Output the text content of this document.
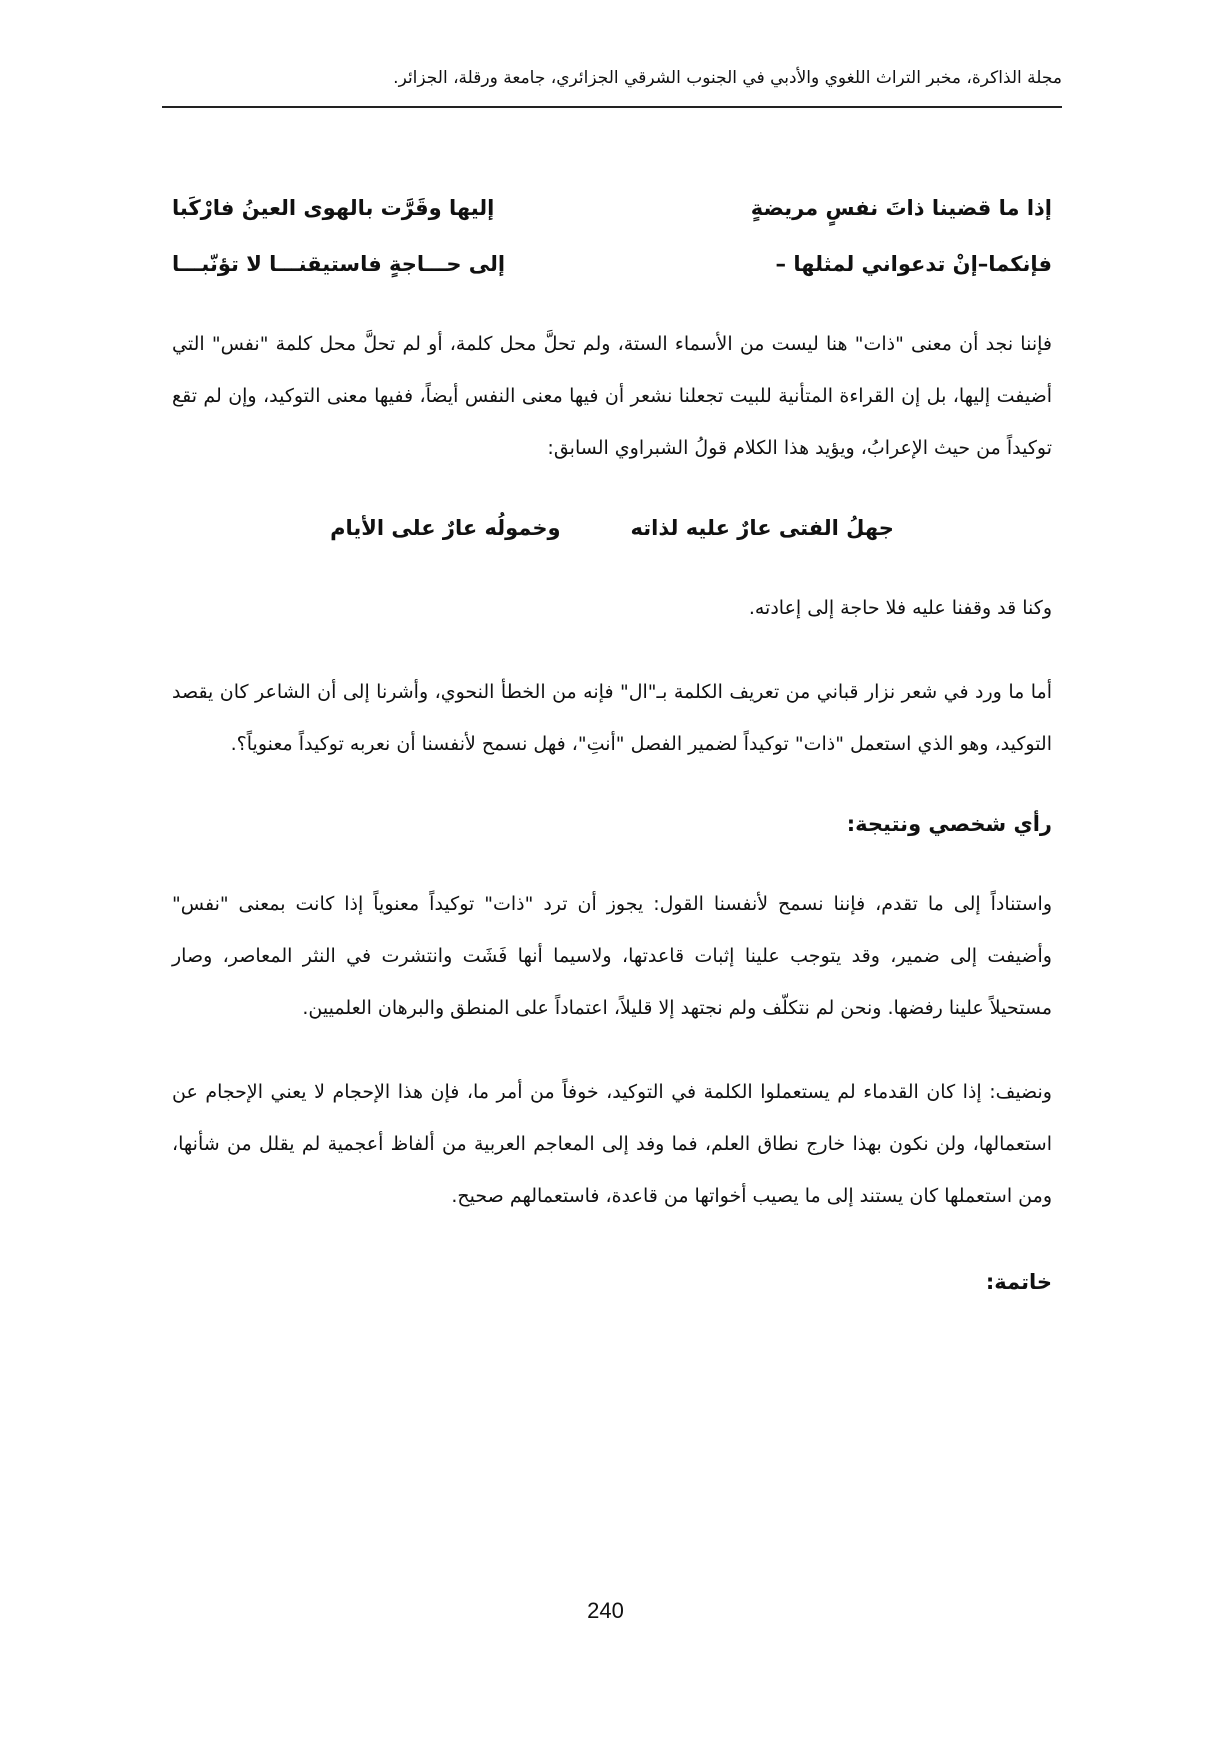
مجلة الذاكرة، مخبر التراث اللغوي والأدبي في الجنوب الشرقي الجزائري، جامعة ورقلة، الجزائر.
إذا ما قضينا ذاتَ نفسٍ مريضةٍ
إليها وقَرَّت بالهوى العينُ فارْكَبا
فإنكما–إنْ تدعواني لمثلها –
إلى حـــاجةٍ فاستيقنـــا لا تؤنّبـــا

فإننا نجد أن معنى "ذات" هنا ليست من الأسماء الستة، ولم تحلَّ محل كلمة، أو لم تحلَّ محل كلمة "نفس" التي أضيفت إليها، بل إن القراءة المتأنية للبيت تجعلنا نشعر أن فيها معنى النفس أيضاً، ففيها معنى التوكيد، وإن لم تقع توكيداً من حيث الإعرابُ، ويؤيد هذا الكلام قولُ الشبراوي السابق:

جهلُ الفتى عارٌ عليه لذاته
وخمولُه عارٌ على الأيام

وكنا قد وقفنا عليه فلا حاجة إلى إعادته.

أما ما ورد في شعر نزار قباني من تعريف الكلمة بـ"ال" فإنه من الخطأ النحوي، وأشرنا إلى أن الشاعر كان يقصد التوكيد، وهو الذي استعمل "ذات" توكيداً لضمير الفصل "أنتِ"، فهل نسمح لأنفسنا أن نعربه توكيداً معنوياً؟.

رأي شخصي ونتيجة:

واستناداً إلى ما تقدم، فإننا نسمح لأنفسنا القول: يجوز أن ترد "ذات" توكيداً معنوياً إذا كانت بمعنى "نفس" وأضيفت إلى ضمير، وقد يتوجب علينا إثبات قاعدتها، ولاسيما أنها فَشَت وانتشرت في النثر المعاصر، وصار مستحيلاً علينا رفضها. ونحن لم نتكلّف ولم نجتهد إلا قليلاً، اعتماداً على المنطق والبرهان العلميين.

ونضيف: إذا كان القدماء لم يستعملوا الكلمة في التوكيد، خوفاً من أمر ما، فإن هذا الإحجام لا يعني الإحجام عن استعمالها، ولن نكون بهذا خارج نطاق العلم، فما وفد إلى المعاجم العربية من ألفاظ أعجمية لم يقلل من شأنها، ومن استعملها كان يستند إلى ما يصيب أخواتها من قاعدة، فاستعمالهم صحيح.

خاتمة:
240
